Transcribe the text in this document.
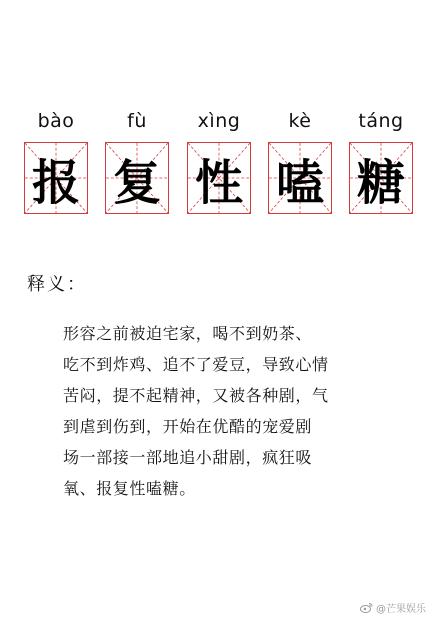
bào	fù	xìng	kè	táng
报 复 性 嗑 糖
释义：
形容之前被迫宅家，喝不到奶茶、
吃不到炸鸡、追不了爱豆，导致心情
苦闷，提不起精神，又被各种剧，气
到虐到伤到，开始在优酷的宠爱剧
场一部接一部地追小甜剧，疯狂吸
氧、报复性嗑糖。
@芒果娱乐
